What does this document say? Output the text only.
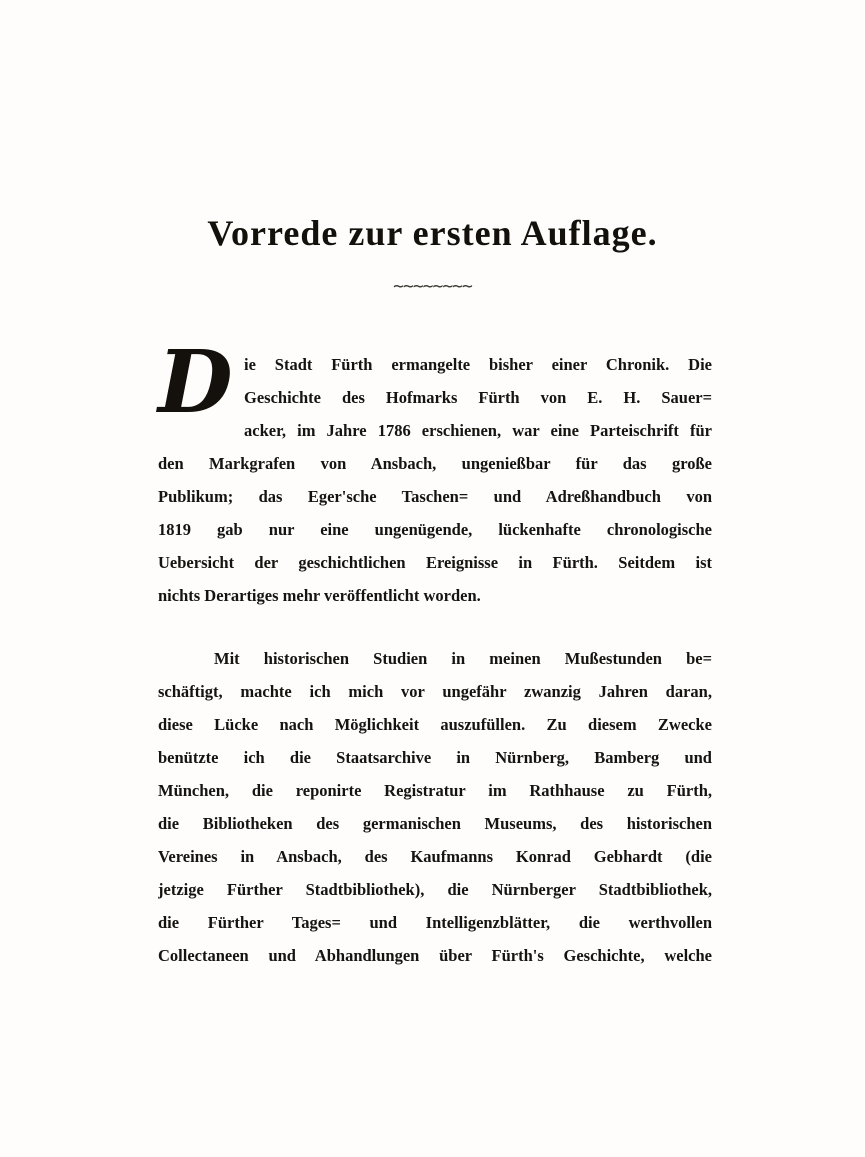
Vorrede zur ersten Auflage.
~~~~~~~~
D ie Stadt Fürth ermangelte bisher einer Chronik. Die
Geschichte des Hofmarks Fürth von E. H. Sauer=
acker, im Jahre 1786 erschienen, war eine Parteischrift für
den Markgrafen von Ansbach, ungenießbar für das große
Publikum; das Eger'sche Taschen= und Adreßhandbuch von
1819 gab nur eine ungenügende, lückenhafte chronologische
Uebersicht der geschichtlichen Ereignisse in Fürth. Seitdem ist
nichts Derartiges mehr veröffentlicht worden.
Mit historischen Studien in meinen Mußestunden be=
schäftigt, machte ich mich vor ungefähr zwanzig Jahren daran,
diese Lücke nach Möglichkeit auszufüllen. Zu diesem Zwecke
benützte ich die Staatsarchive in Nürnberg, Bamberg und
München, die reponirte Registratur im Rathhause zu Fürth,
die Bibliotheken des germanischen Museums, des historischen
Vereines in Ansbach, des Kaufmanns Konrad Gebhardt (die
jetzige Fürther Stadtbibliothek), die Nürnberger Stadtbibliothek,
die Fürther Tages= und Intelligenzblätter, die werthvollen
Collectaneen und Abhandlungen über Fürth's Geschichte, welche
